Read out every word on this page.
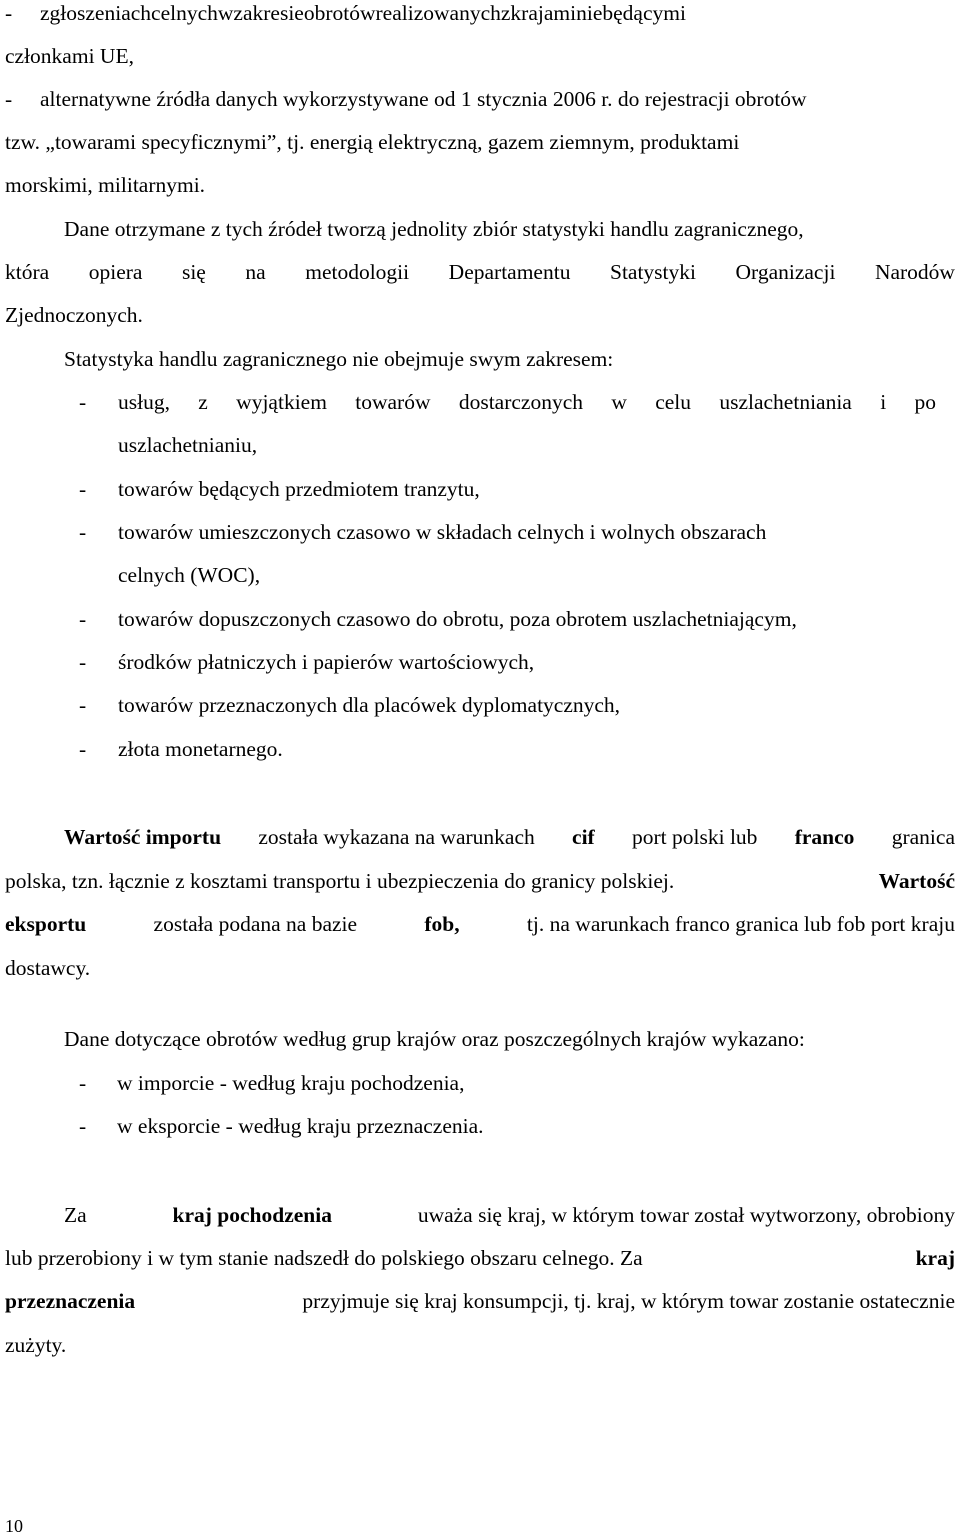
- zgłoszeniach celnych w zakresie obrotów realizowanych z krajami niebędącymi
członkami UE,
- alternatywne źródła danych wykorzystywane od 1 stycznia 2006 r. do rejestracji obrotów
tzw. „towarami specyficznymi”, tj. energią elektryczną, gazem ziemnym, produktami
morskimi, militarnymi.
Dane otrzymane z tych źródeł tworzą jednolity zbiór statystyki handlu zagranicznego,
która opiera się na metodologii Departamentu Statystyki Organizacji Narodów
Zjednoczonych.
Statystyka handlu zagranicznego nie obejmuje swym zakresem:
- usług, z wyjątkiem towarów dostarczonych w celu uszlachetniania i po
uszlachetnianiu,
- towarów będących przedmiotem tranzytu,
- towarów umieszczonych czasowo w składach celnych i wolnych obszarach
celnych (WOC),
- towarów dopuszczonych czasowo do obrotu, poza obrotem uszlachetniającym,
- środków płatniczych i papierów wartościowych,
- towarów przeznaczonych dla placówek dyplomatycznych,
- złota monetarnego.
Wartość importu została wykazana na warunkach cif port polski lub franco granica
polska, tzn. łącznie z kosztami transportu i ubezpieczenia do granicy polskiej.	Wartość
eksportu	została podana na bazie	fob,	tj. na warunkach franco granica lub fob port kraju
dostawcy.
Dane dotyczące obrotów według grup krajów oraz poszczególnych krajów wykazano:
- w imporcie - według kraju pochodzenia,
- w eksporcie - według kraju przeznaczenia.
Za	kraj pochodzenia	uważa się kraj, w którym towar został wytworzony, obrobiony
lub przerobiony i w tym stanie nadszedł do polskiego obszaru celnego. Za	kraj
przeznaczenia	przyjmuje się kraj konsumpcji, tj. kraj, w którym towar zostanie ostatecznie
zużyty.
10
